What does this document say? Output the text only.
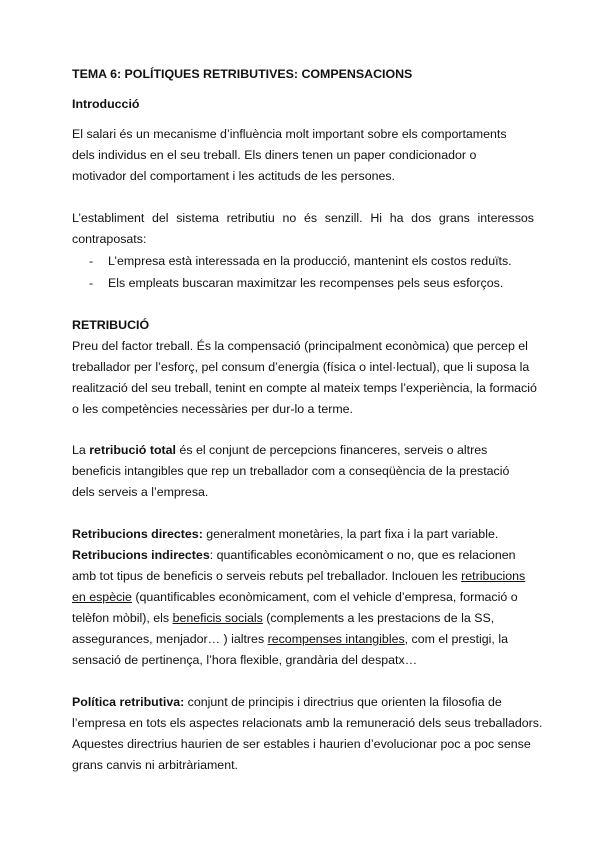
TEMA 6: POLÍTIQUES RETRIBUTIVES: COMPENSACIONS
Introducció
El salari és un mecanisme d’influència molt important sobre els comportaments
dels individus en el seu treball. Els diners tenen un paper condicionador o
motivador del comportament i les actituds de les persones.
L’establiment del sistema retributiu no és senzill. Hi ha dos grans interessos
contraposats:
- L’empresa està interessada en la producció, mantenint els costos reduïts.
- Els empleats buscaran maximitzar les recompenses pels seus esforços.
RETRIBUCIÓ
Preu del factor treball. És la compensació (principalment econòmica) que percep el
treballador per l’esforç, pel consum d’energia (física o intel·lectual), que li suposa la
realització del seu treball, tenint en compte al mateix temps l’experiència, la formació
o les competències necessàries per dur-lo a terme.
La retribució total és el conjunt de percepcions financeres, serveis o altres
beneficis intangibles que rep un treballador com a conseqüència de la prestació
dels serveis a l’empresa.
Retribucions directes: generalment monetàries, la part fixa i la part variable.
Retribucions indirectes: quantificables econòmicament o no, que es relacionen
amb tot tipus de beneficis o serveis rebuts pel treballador. Inclouen les retribucions
en espècie (quantificables econòmicament, com el vehicle d’empresa, formació o
telèfon mòbil), els beneficis socials (complements a les prestacions de la SS,
assegurances, menjador… ) ialtres recompenses intangibles, com el prestigi, la
sensació de pertinença, l’hora flexible, grandària del despatx…
Política retributiva: conjunt de principis i directrius que orienten la filosofia de
l’empresa en tots els aspectes relacionats amb la remuneració dels seus treballadors.
Aquestes directrius haurien de ser estables i haurien d’evolucionar poc a poc sense
grans canvis ni arbitràriament.
